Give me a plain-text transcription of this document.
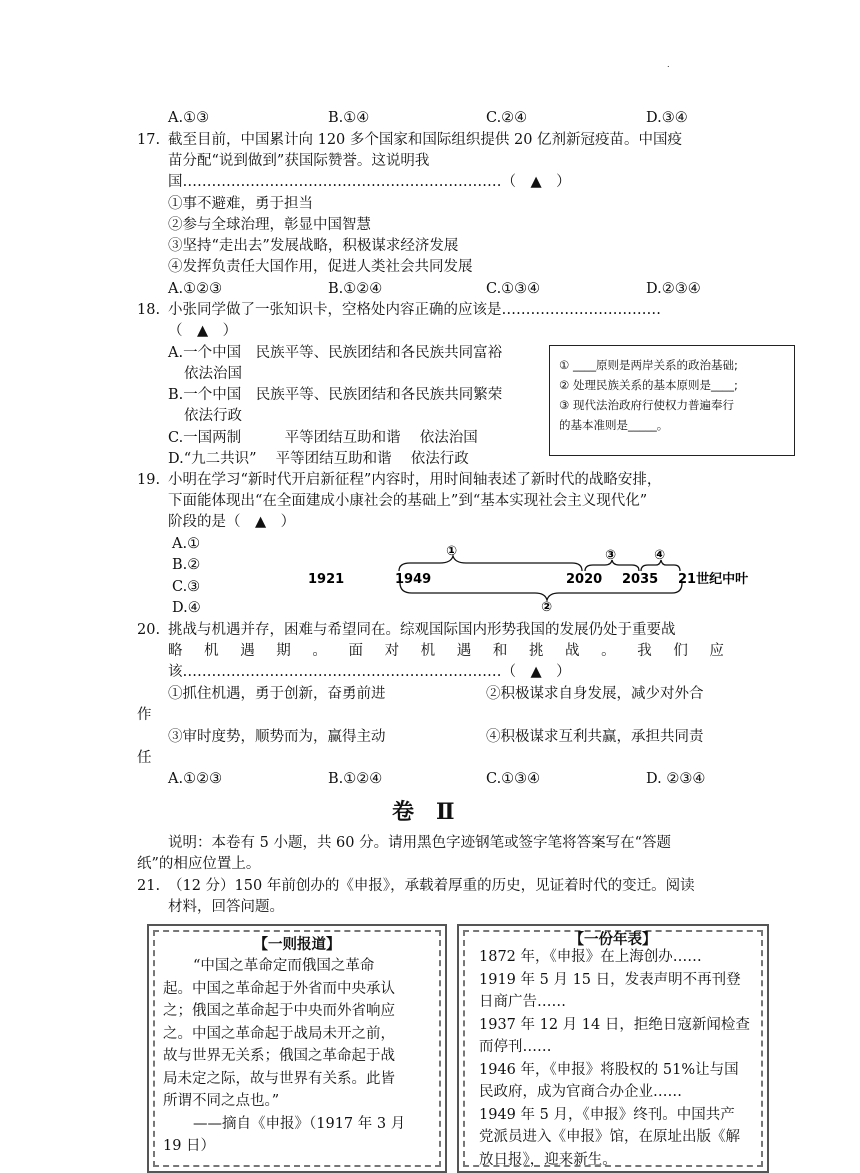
.
A.①③	B.①④	C.②④	D.③④
17. 截至目前，中国累计向 120 多个国家和国际组织提供 20 亿剂新冠疫苗。中国疫
苗分配“说到做到”获国际赞誉。这说明我
国…………………………………………………………（　▲　）
①事不避难，勇于担当
②参与全球治理，彰显中国智慧
③坚持“走出去”发展战略，积极谋求经济发展
④发挥负责任大国作用，促进人类社会共同发展
A.①②③	B.①②④	C.①③④	D.②③④
18. 小张同学做了一张知识卡，空格处内容正确的应该是……………………………
（　▲　）
A.一个中国　民族平等、民族团结和各民族共同富裕
依法治国
B.一个中国　民族平等、民族团结和各民族共同繁荣
依法行政
C.一国两制　　　平等团结互助和谐　 依法治国
D.“九二共识”　 平等团结互助和谐　 依法行政
① ____原则是两岸关系的政治基础;
② 处理民族关系的基本原则是____;
③ 现代法治政府行使权力普遍奉行
的基本准则是_____。
19. 小明在学习“新时代开启新征程”内容时，用时间轴表述了新时代的战略安排，
下面能体现出“在全面建成小康社会的基础上”到“基本实现社会主义现代化”
阶段的是（　▲　）
A.①
B.②
C.③
D.④
①	③	④
②
1921	1949	2020 2035 21世纪中叶
20. 挑战与机遇并存，困难与希望同在。综观国际国内形势我国的发展仍处于重要战
略 机 遇 期 。 面 对 机 遇 和 挑 战 。 我 们 应
该…………………………………………………………（　▲　）
①抓住机遇，勇于创新，奋勇前进	②积极谋求自身发展，减少对外合
作
③审时度势，顺势而为，赢得主动	④积极谋求互利共赢，承担共同责
任
A.①②③	B.①②④	C.①③④	D. ②③④
卷　Ⅱ
说明：本卷有 5 小题，共 60 分。请用黑色字迹钢笔或签字笔将答案写在“答题
纸”的相应位置上。
21. （12 分）150 年前创办的《申报》，承载着厚重的历史，见证着时代的变迁。阅读
材料，回答问题。
【一则报道】
“中国之革命定而俄国之革命
起。中国之革命起于外省而中央承认
之；俄国之革命起于中央而外省响应
之。中国之革命起于战局未开之前，
故与世界无关系；俄国之革命起于战
局未定之际，故与世界有关系。此皆
所谓不同之点也。”
——摘自《申报》（1917 年 3 月
19 日）
【一份年表】
1872 年，《申报》在上海创办……
1919 年 5 月 15 日，发表声明不再刊登
日商广告……
1937 年 12 月 14 日，拒绝日寇新闻检查
而停刊……
1946 年，《申报》将股权的 51%让与国
民政府，成为官商合办企业……
1949 年 5 月，《申报》终刊。中国共产
党派员进入《申报》馆，在原址出版《解
放日报》，迎来新生。
